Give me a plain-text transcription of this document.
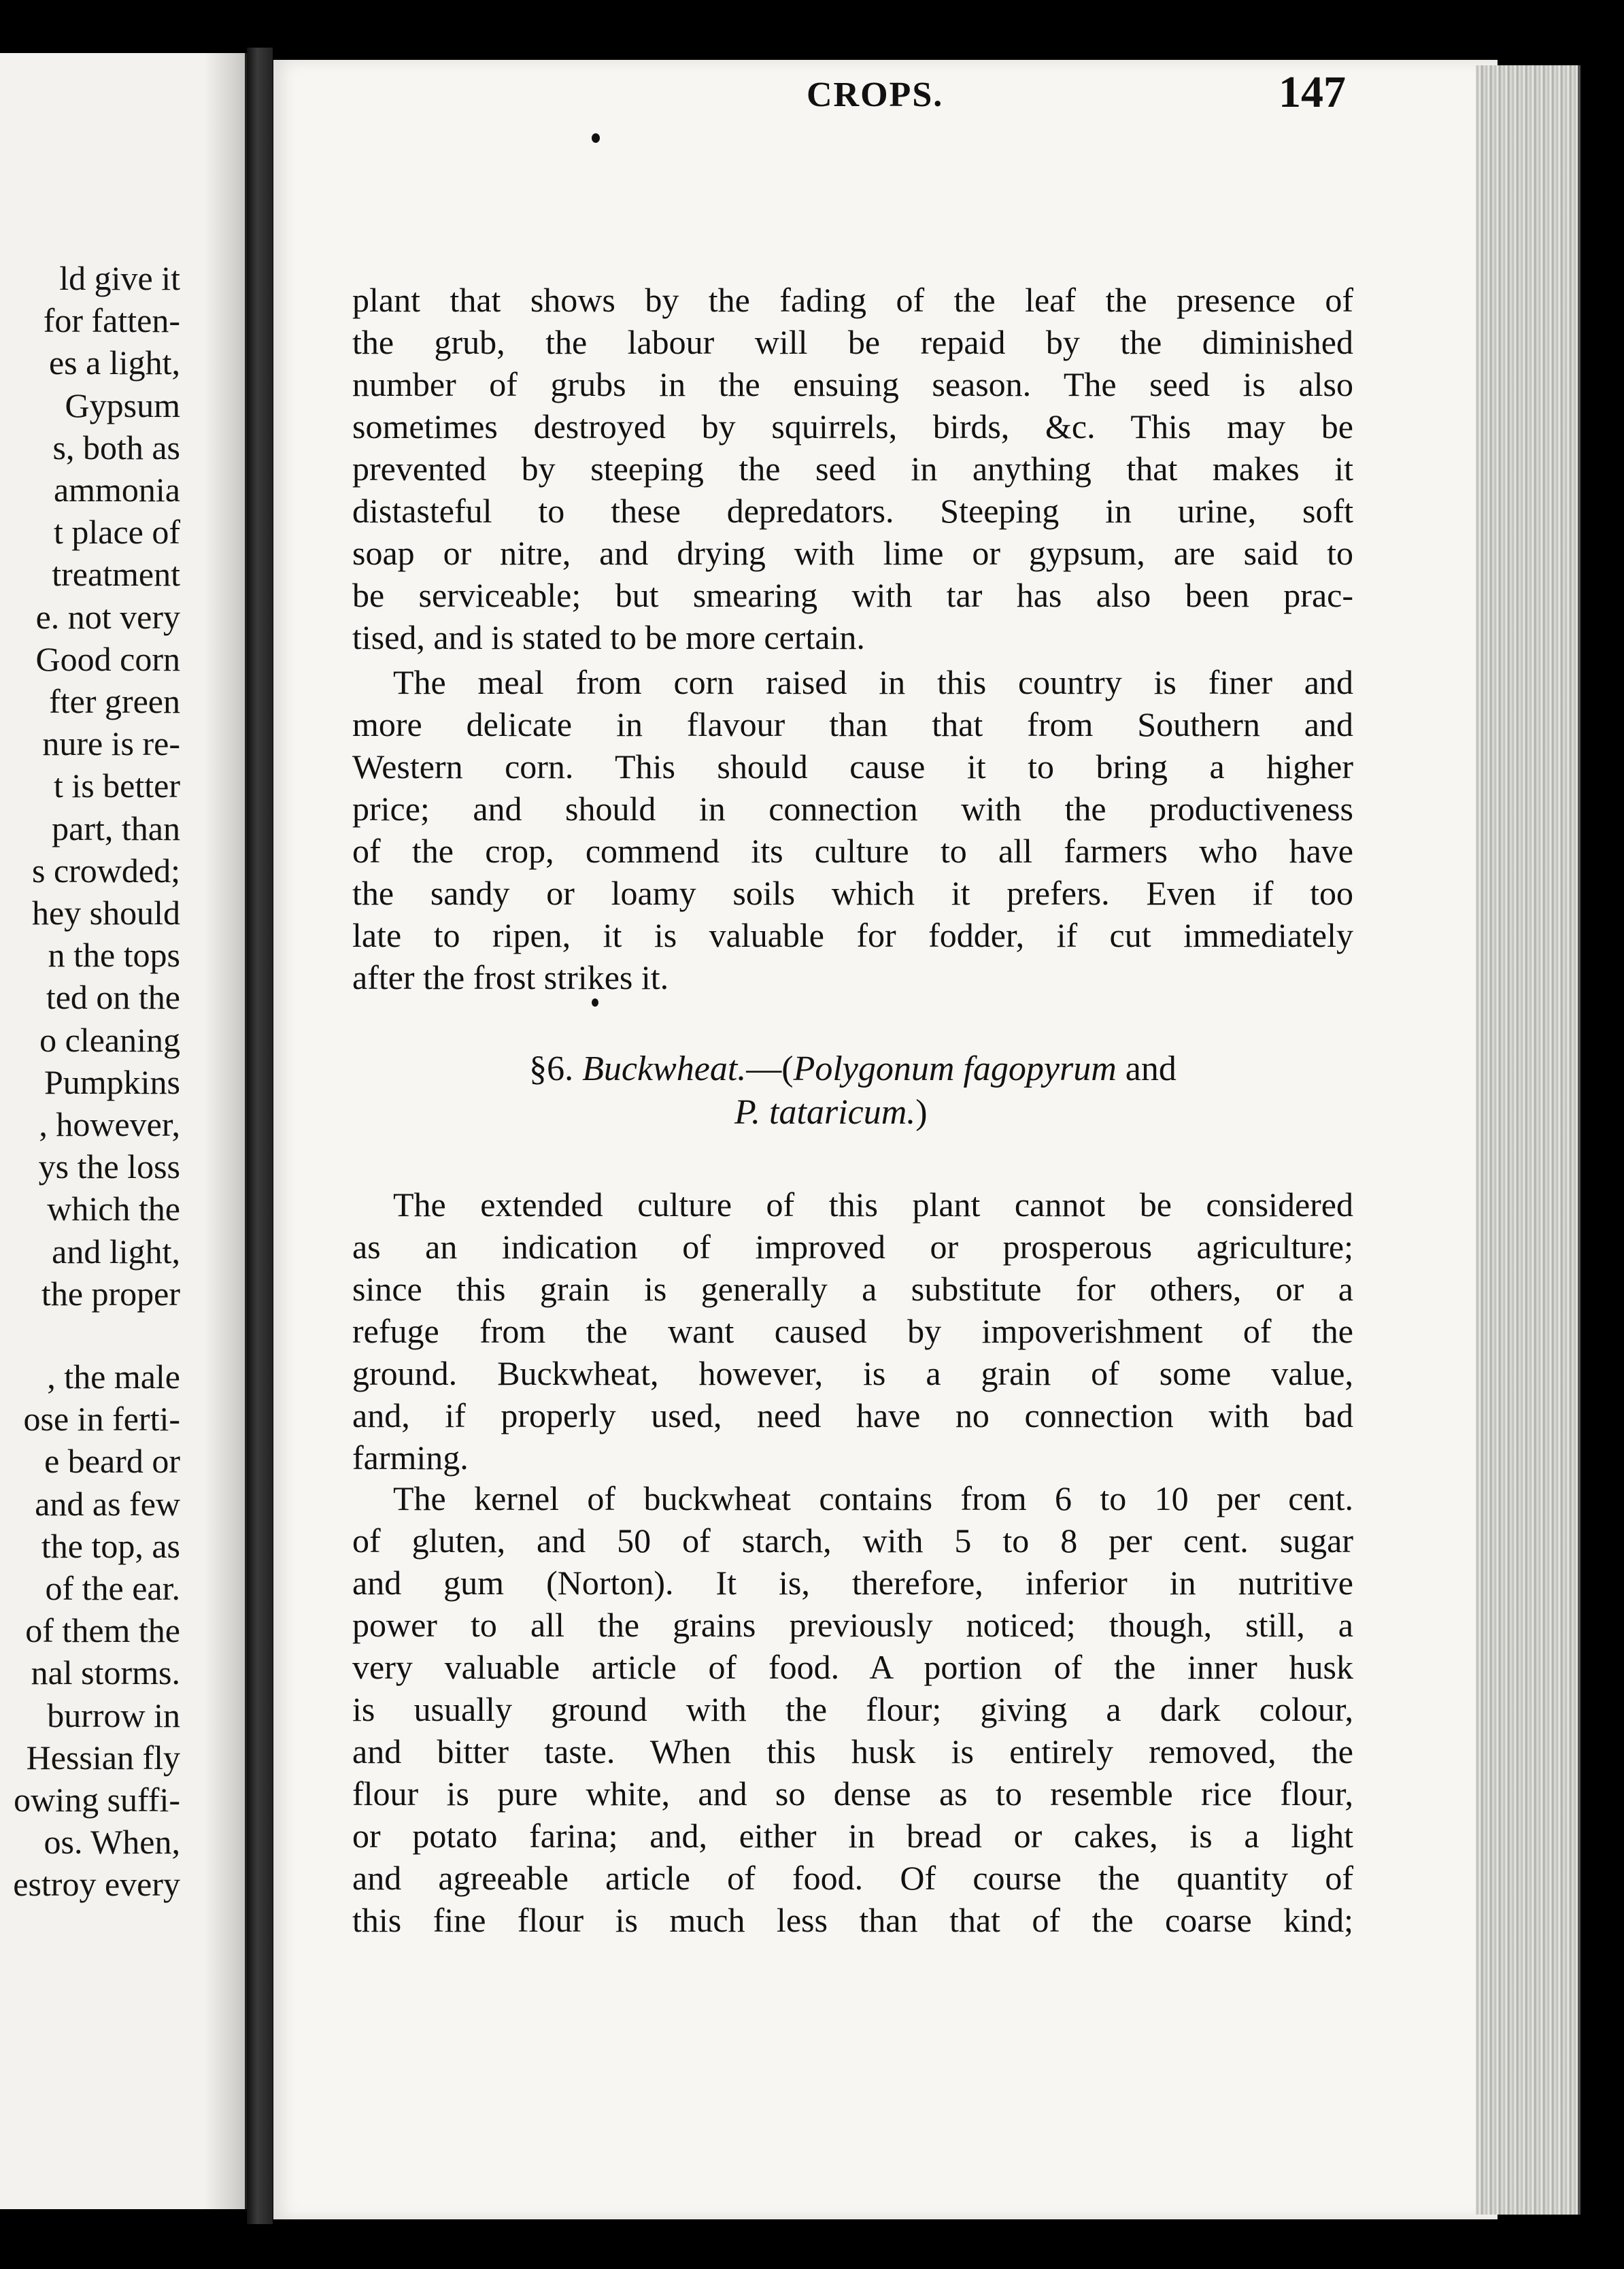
ld give it
for fatten-
es a light,
Gypsum
s, both as
ammonia
t place of
treatment
e. not very
Good corn
fter green
nure is re-
t is better
part, than
s crowded;
hey should
n the tops
ted on the
o cleaning
Pumpkins
, however,
ys the loss
which the
and light,
the proper
, the male
ose in ferti-
e beard or
and as few
the top, as
of the ear.
of them the
nal storms.
burrow in
Hessian fly
owing suffi-
os. When,
estroy every
CROPS.	147
plant that shows by the fading of the leaf the presence of
the grub, the labour will be repaid by the diminished
number of grubs in the ensuing season. The seed is also
sometimes destroyed by squirrels, birds, &c. This may be
prevented by steeping the seed in anything that makes it
distasteful to these depredators. Steeping in urine, soft
soap or nitre, and drying with lime or gypsum, are said to
be serviceable; but smearing with tar has also been prac-
tised, and is stated to be more certain.
The meal from corn raised in this country is finer and
more delicate in flavour than that from Southern and
Western corn. This should cause it to bring a higher
price; and should in connection with the productiveness
of the crop, commend its culture to all farmers who have
the sandy or loamy soils which it prefers. Even if too
late to ripen, it is valuable for fodder, if cut immediately
after the frost strikes it.
§6. Buckwheat.—(Polygonum fagopyrum and
P. tataricum.)
The extended culture of this plant cannot be considered
as an indication of improved or prosperous agriculture;
since this grain is generally a substitute for others, or a
refuge from the want caused by impoverishment of the
ground. Buckwheat, however, is a grain of some value,
and, if properly used, need have no connection with bad
farming.
The kernel of buckwheat contains from 6 to 10 per cent.
of gluten, and 50 of starch, with 5 to 8 per cent. sugar
and gum (Norton). It is, therefore, inferior in nutritive
power to all the grains previously noticed; though, still, a
very valuable article of food. A portion of the inner husk
is usually ground with the flour; giving a dark colour,
and bitter taste. When this husk is entirely removed, the
flour is pure white, and so dense as to resemble rice flour,
or potato farina; and, either in bread or cakes, is a light
and agreeable article of food. Of course the quantity of
this fine flour is much less than that of the coarse kind;
